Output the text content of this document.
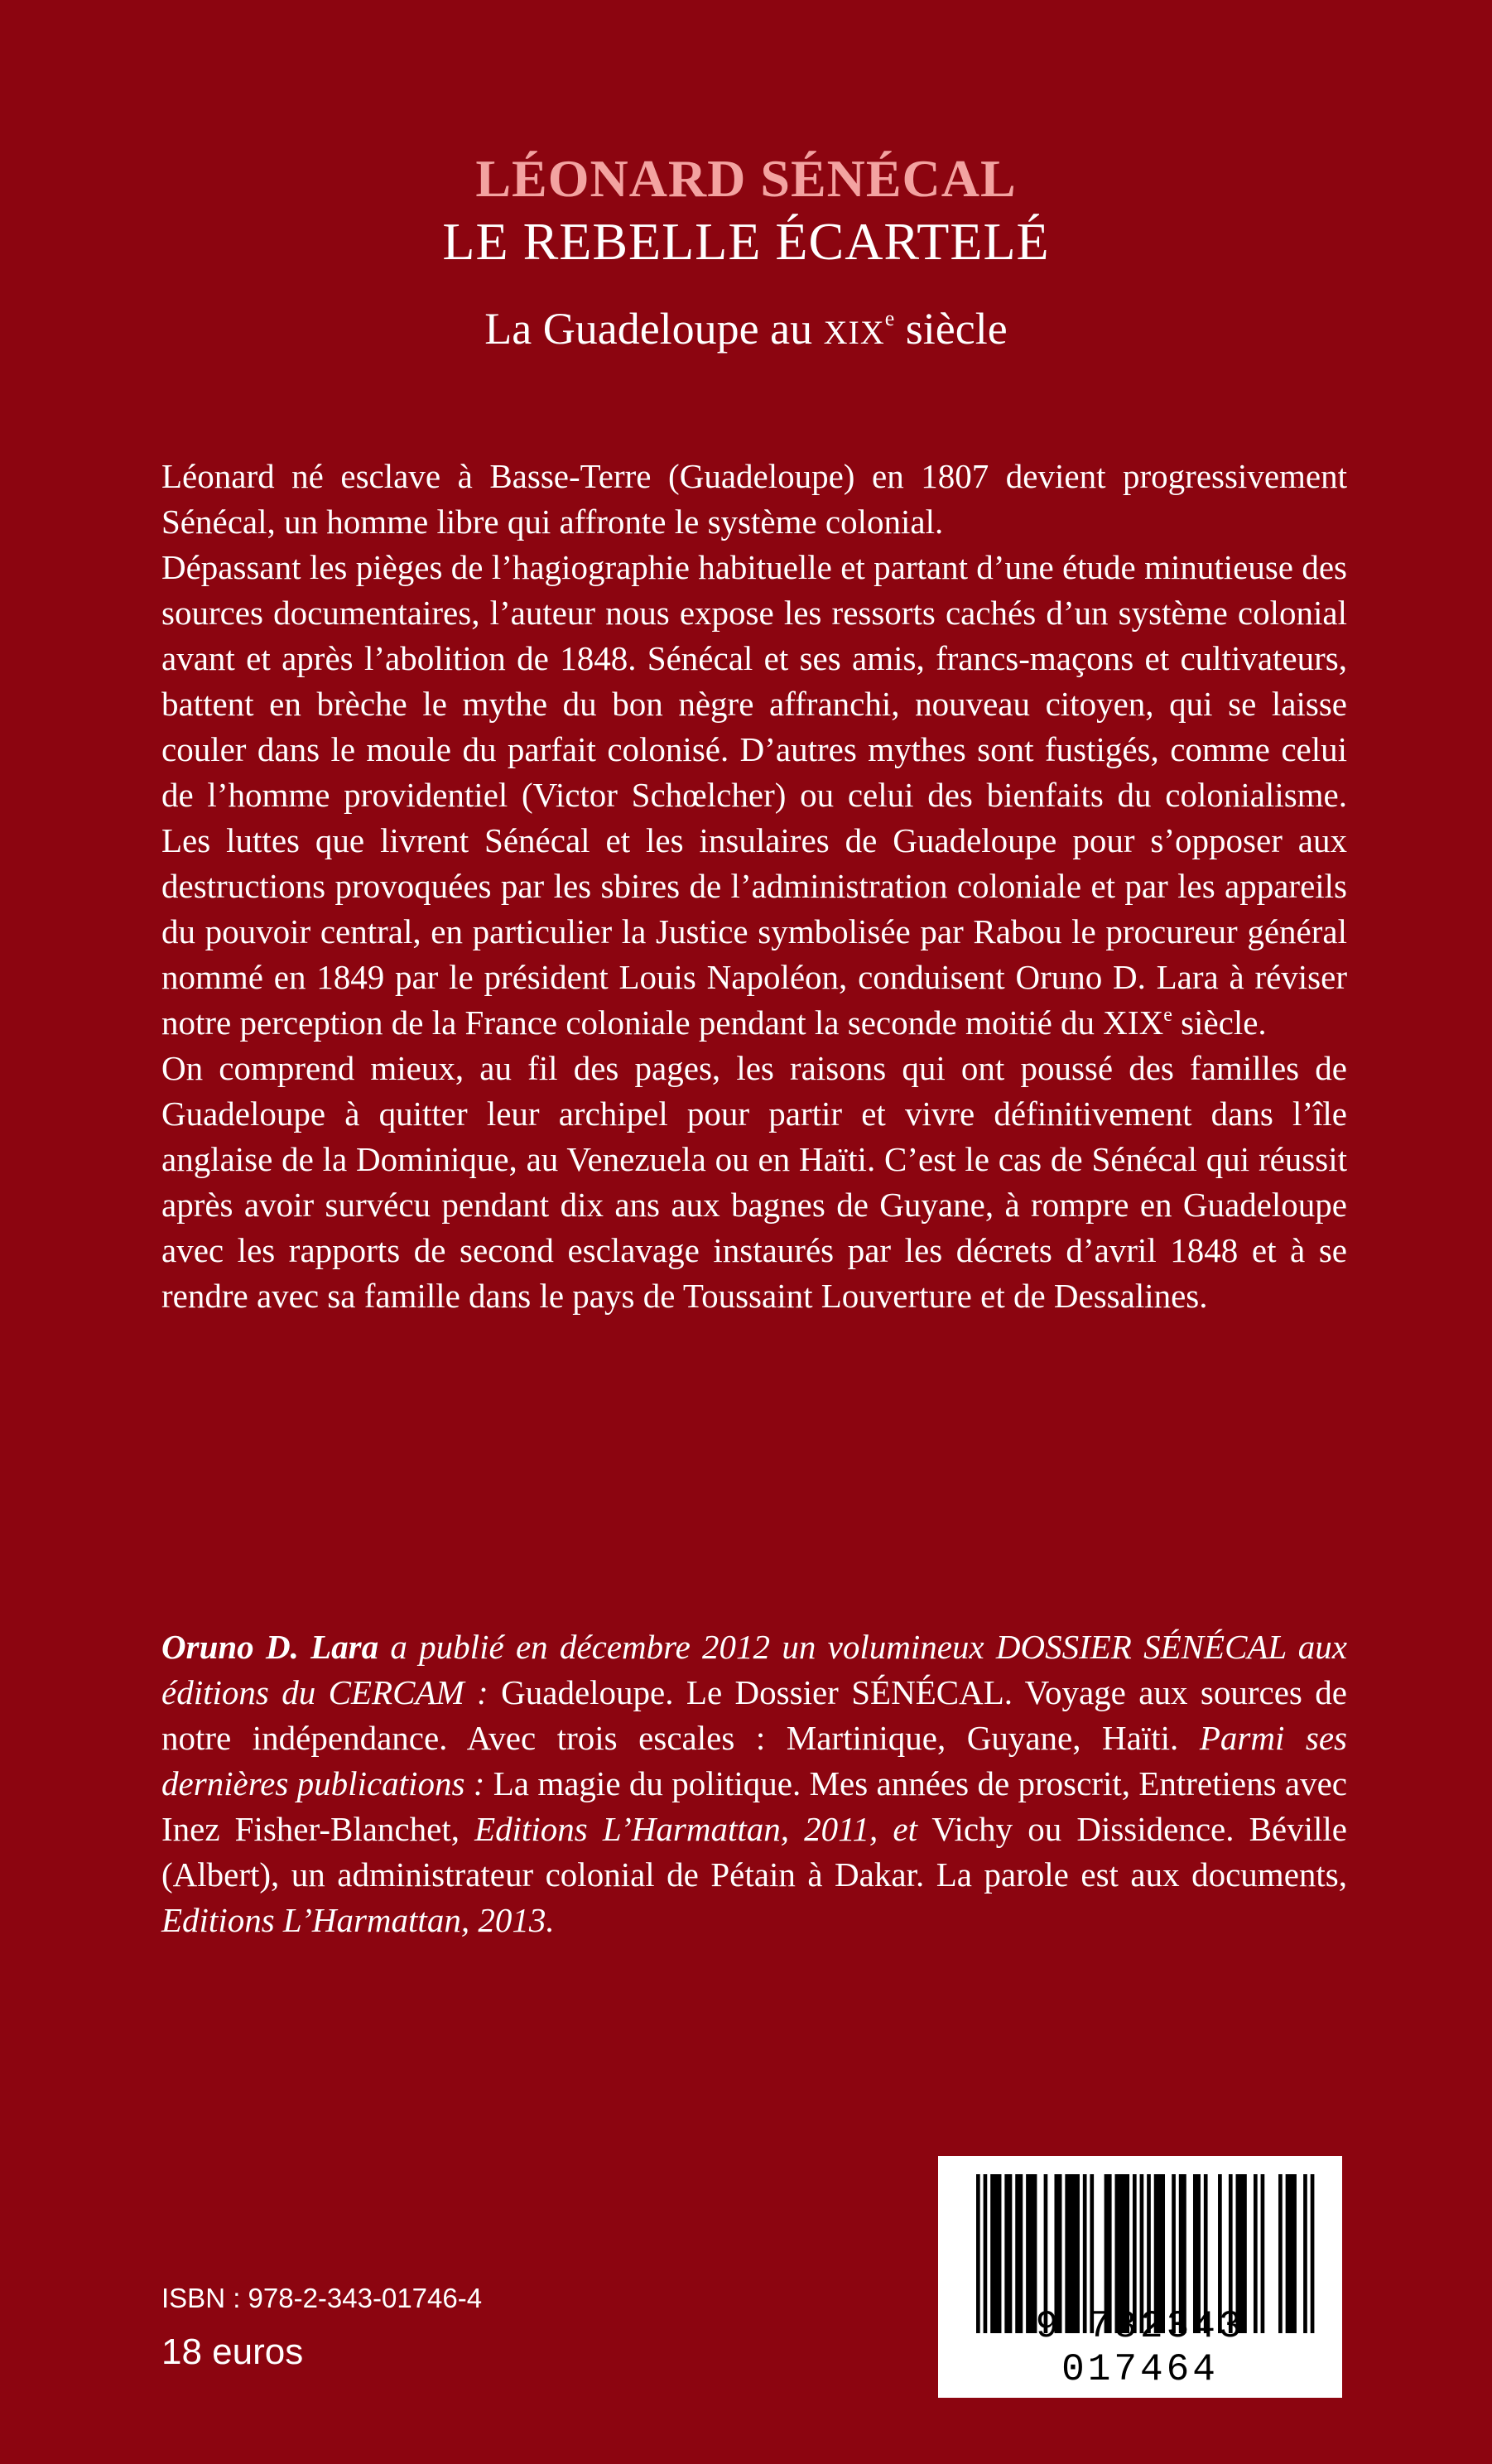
LÉONARD SÉNÉCAL
LE REBELLE ÉCARTELÉ
La Guadeloupe au XIXe siècle

Léonard né esclave à Basse-Terre (Guadeloupe) en 1807 devient progressivement Sénécal, un homme libre qui affronte le système colonial.

Dépassant les pièges de l’hagiographie habituelle et partant d’une étude minutieuse des sources documentaires, l’auteur nous expose les ressorts cachés d’un système colonial avant et après l’abolition de 1848. Sénécal et ses amis, francs-maçons et cultivateurs, battent en brèche le mythe du bon nègre affranchi, nouveau citoyen, qui se laisse couler dans le moule du parfait colonisé. D’autres mythes sont fustigés, comme celui de l’homme providentiel (Victor Schœlcher) ou celui des bienfaits du colonialisme. Les luttes que livrent Sénécal et les insulaires de Guadeloupe pour s’opposer aux destructions provoquées par les sbires de l’administration coloniale et par les appareils du pouvoir central, en particulier la Justice symbolisée par Rabou le procureur général nommé en 1849 par le président Louis Napoléon, conduisent Oruno D. Lara à réviser notre perception de la France coloniale pendant la seconde moitié du XIXe siècle.

On comprend mieux, au fil des pages, les raisons qui ont poussé des familles de Guadeloupe à quitter leur archipel pour partir et vivre définitivement dans l’île anglaise de la Dominique, au Venezuela ou en Haïti. C’est le cas de Sénécal qui réussit après avoir survécu pendant dix ans aux bagnes de Guyane, à rompre en Guadeloupe avec les rapports de second esclavage instaurés par les décrets d’avril 1848 et à se rendre avec sa famille dans le pays de Toussaint Louverture et de Dessalines.

Oruno D. Lara a publié en décembre 2012 un volumineux DOSSIER SÉNÉCAL aux éditions du CERCAM : Guadeloupe. Le Dossier SÉNÉCAL. Voyage aux sources de notre indépendance. Avec trois escales : Martinique, Guyane, Haïti. Parmi ses dernières publications : La magie du politique. Mes années de proscrit, Entretiens avec Inez Fisher-Blanchet, Editions L’Harmattan, 2011, et Vichy ou Dissidence. Béville (Albert), un administrateur colonial de Pétain à Dakar. La parole est aux documents, Editions L’Harmattan, 2013.

ISBN : 978-2-343-01746-4
18 euros
9 782343 017464
